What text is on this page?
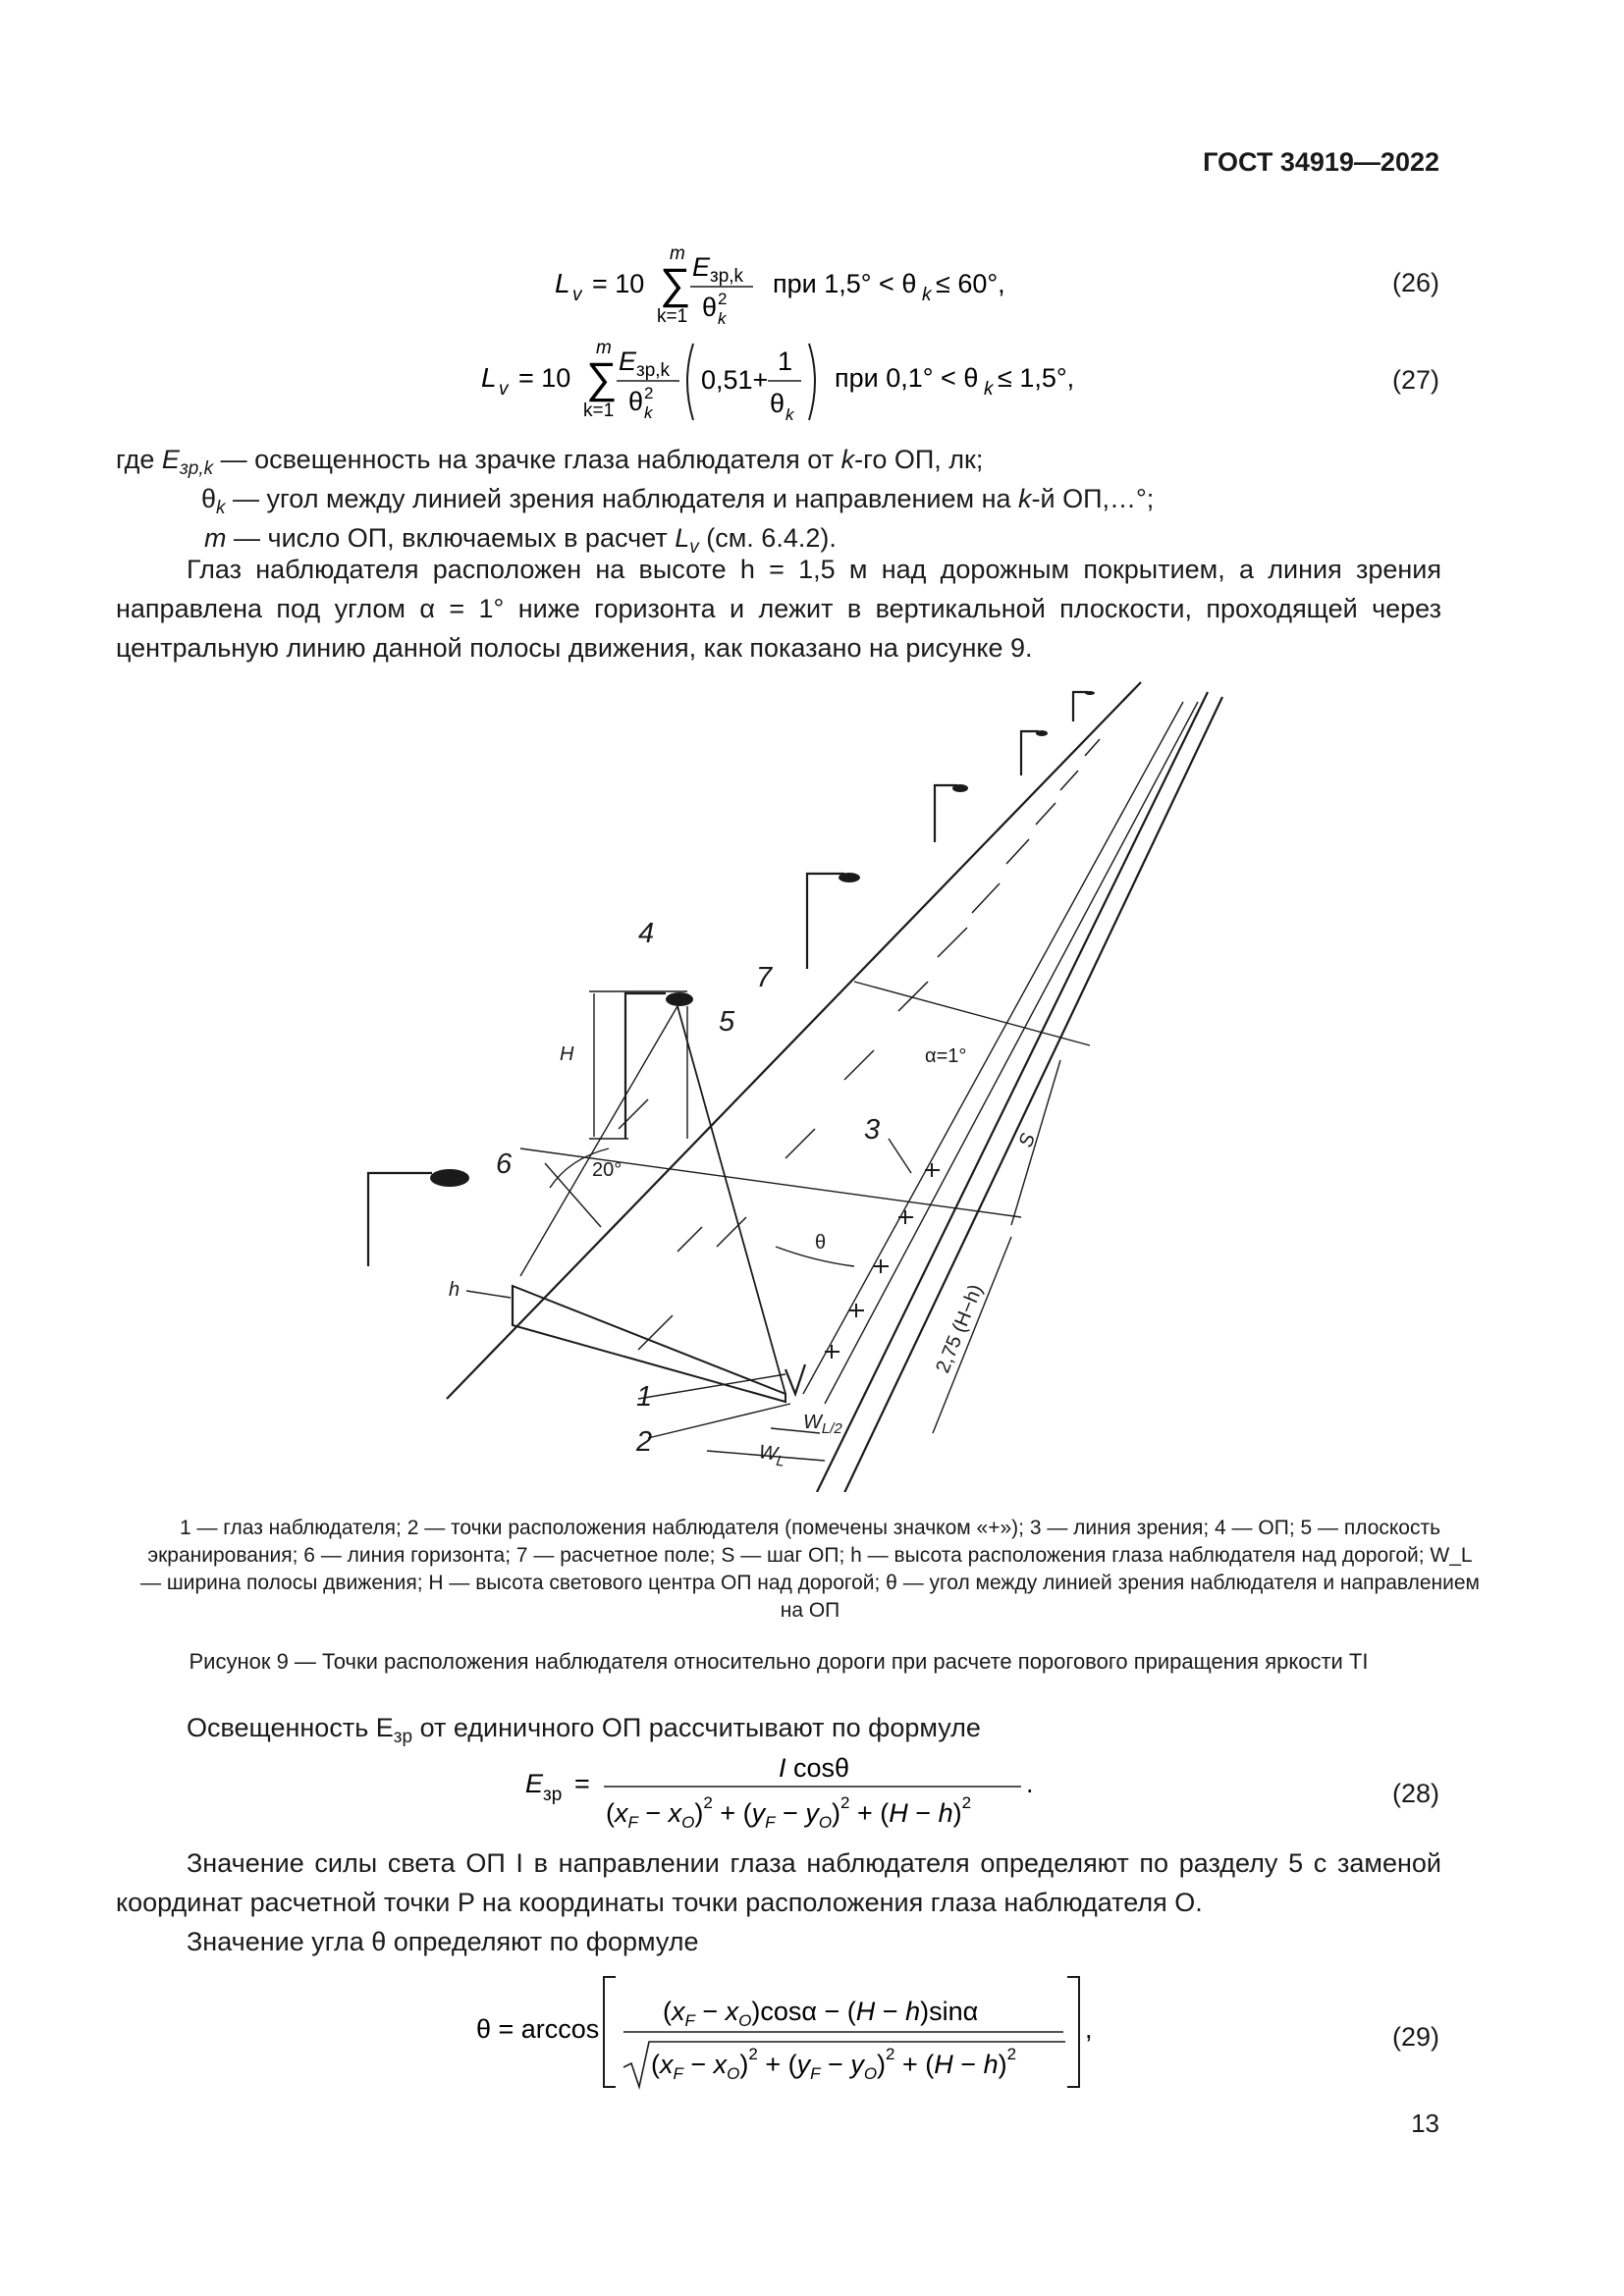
ГОСТ 34919—2022
L v = 10 ∑
m
k=1
E зр,k
θ 2
k
при 1,5° < θ k ≤ 60°,	(26)
L v = 10 ∑
m
k=1
E зр,k
θ 2
k
0,51+
1
θ k
при 0,1° < θ k ≤ 1,5°,	(27)
где $E_{зр,k}$ — освещенность на зрачке глаза наблюдателя от k-го ОП, лк;
$\theta_k$ — угол между линией зрения наблюдателя и направлением на k-й ОП,…°;
m — число ОП, включаемых в расчет $L_v$ (см. 6.4.2).

Глаз наблюдателя расположен на высоте h = 1,5 м над дорожным покрытием, а линия зрения направлена под углом α = 1° ниже горизонта и лежит в вертикальной плоскости, проходящей через центральную линию данной полосы движения, как показано на рисунке 9.

4
7
5
6
3
1
2
H
h
α=1°
θ
20°
S
2,75 (H−h)
$W_{L/2}$
$W_L$
1 — глаз наблюдателя; 2 — точки расположения наблюдателя (помечены значком «+»); 3 — линия зрения; 4 — ОП; 5 — плоскость экранирования; 6 — линия горизонта; 7 — расчетное поле; S — шаг ОП; h — высота расположения глаза наблюдателя над дорогой; W_L — ширина полосы движения; H — высота светового центра ОП над дорогой; θ — угол между линией зрения наблюдателя и направлением на ОП
Рисунок 9 — Точки расположения наблюдателя относительно дороги при расчете порогового приращения яркости TI

Освещенность $E_{зр}$ от единичного ОП рассчитывают по формуле

E зр =
I cosθ
$(x_F - x_O)^2 + (y_F - y_O)^2 + (H - h)^2$
.	(28)

Значение силы света ОП I в направлении глаза наблюдателя определяют по разделу 5 с заменой координат расчетной точки P на координаты точки расположения глаза наблюдателя O.

Значение угла θ определяют по формуле

θ = arccos
$(x_F - x_O)\cos\alpha - (H - h)\sin\alpha$
$(x_F - x_O)^2 + (y_F - y_O)^2 + (H - h)^2$
,	(29)
13
